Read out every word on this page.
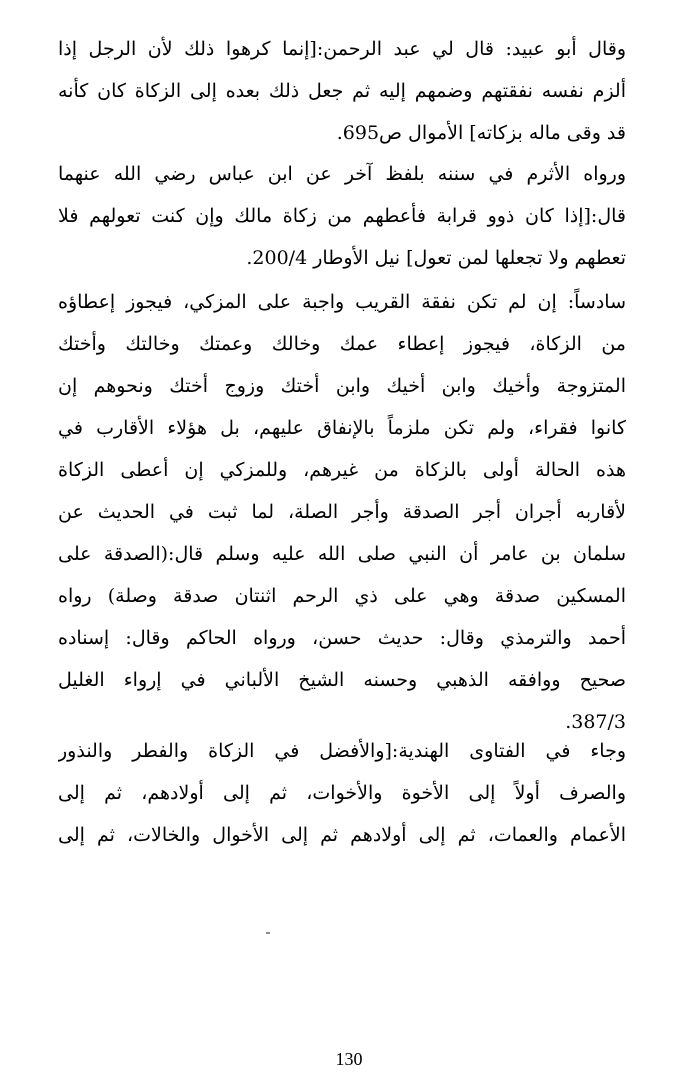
وقال أبو عبيد: قال لي عبد الرحمن:[إنما كرهوا ذلك لأن الرجل إذا
ألزم نفسه نفقتهم وضمهم إليه ثم جعل ذلك بعده إلى الزكاة كان كأنه
قد وقى ماله بزكاته] الأموال ص695.
ورواه الأثرم في سننه بلفظ آخر عن ابن عباس رضي الله عنهما
قال:[إذا كان ذوو قرابة فأعطهم من زكاة مالك وإن كنت تعولهم فلا
تعطهم ولا تجعلها لمن تعول] نيل الأوطار 200/4.
سادساً: إن لم تكن نفقة القريب واجبة على المزكي، فيجوز إعطاؤه
من الزكاة، فيجوز إعطاء عمك وخالك وعمتك وخالتك وأختك
المتزوجة وأخيك وابن أخيك وابن أختك وزوج أختك ونحوهم إن
كانوا فقراء، ولم تكن ملزماً بالإنفاق عليهم، بل هؤلاء الأقارب في
هذه الحالة أولى بالزكاة من غيرهم، وللمزكي إن أعطى الزكاة
لأقاربه أجران أجر الصدقة وأجر الصلة، لما ثبت في الحديث عن
سلمان بن عامر أن النبي صلى الله عليه وسلم قال:(الصدقة على
المسكين صدقة وهي على ذي الرحم اثنتان صدقة وصلة) رواه
أحمد والترمذي وقال: حديث حسن، ورواه الحاكم وقال: إسناده
صحيح ووافقه الذهبي وحسنه الشيخ الألباني في إرواء الغليل
387/3.
وجاء في الفتاوى الهندية:[والأفضل في الزكاة والفطر والنذور
والصرف أولاً إلى الأخوة والأخوات، ثم إلى أولادهم، ثم إلى
الأعمام والعمات، ثم إلى أولادهم ثم إلى الأخوال والخالات، ثم إلى
130
